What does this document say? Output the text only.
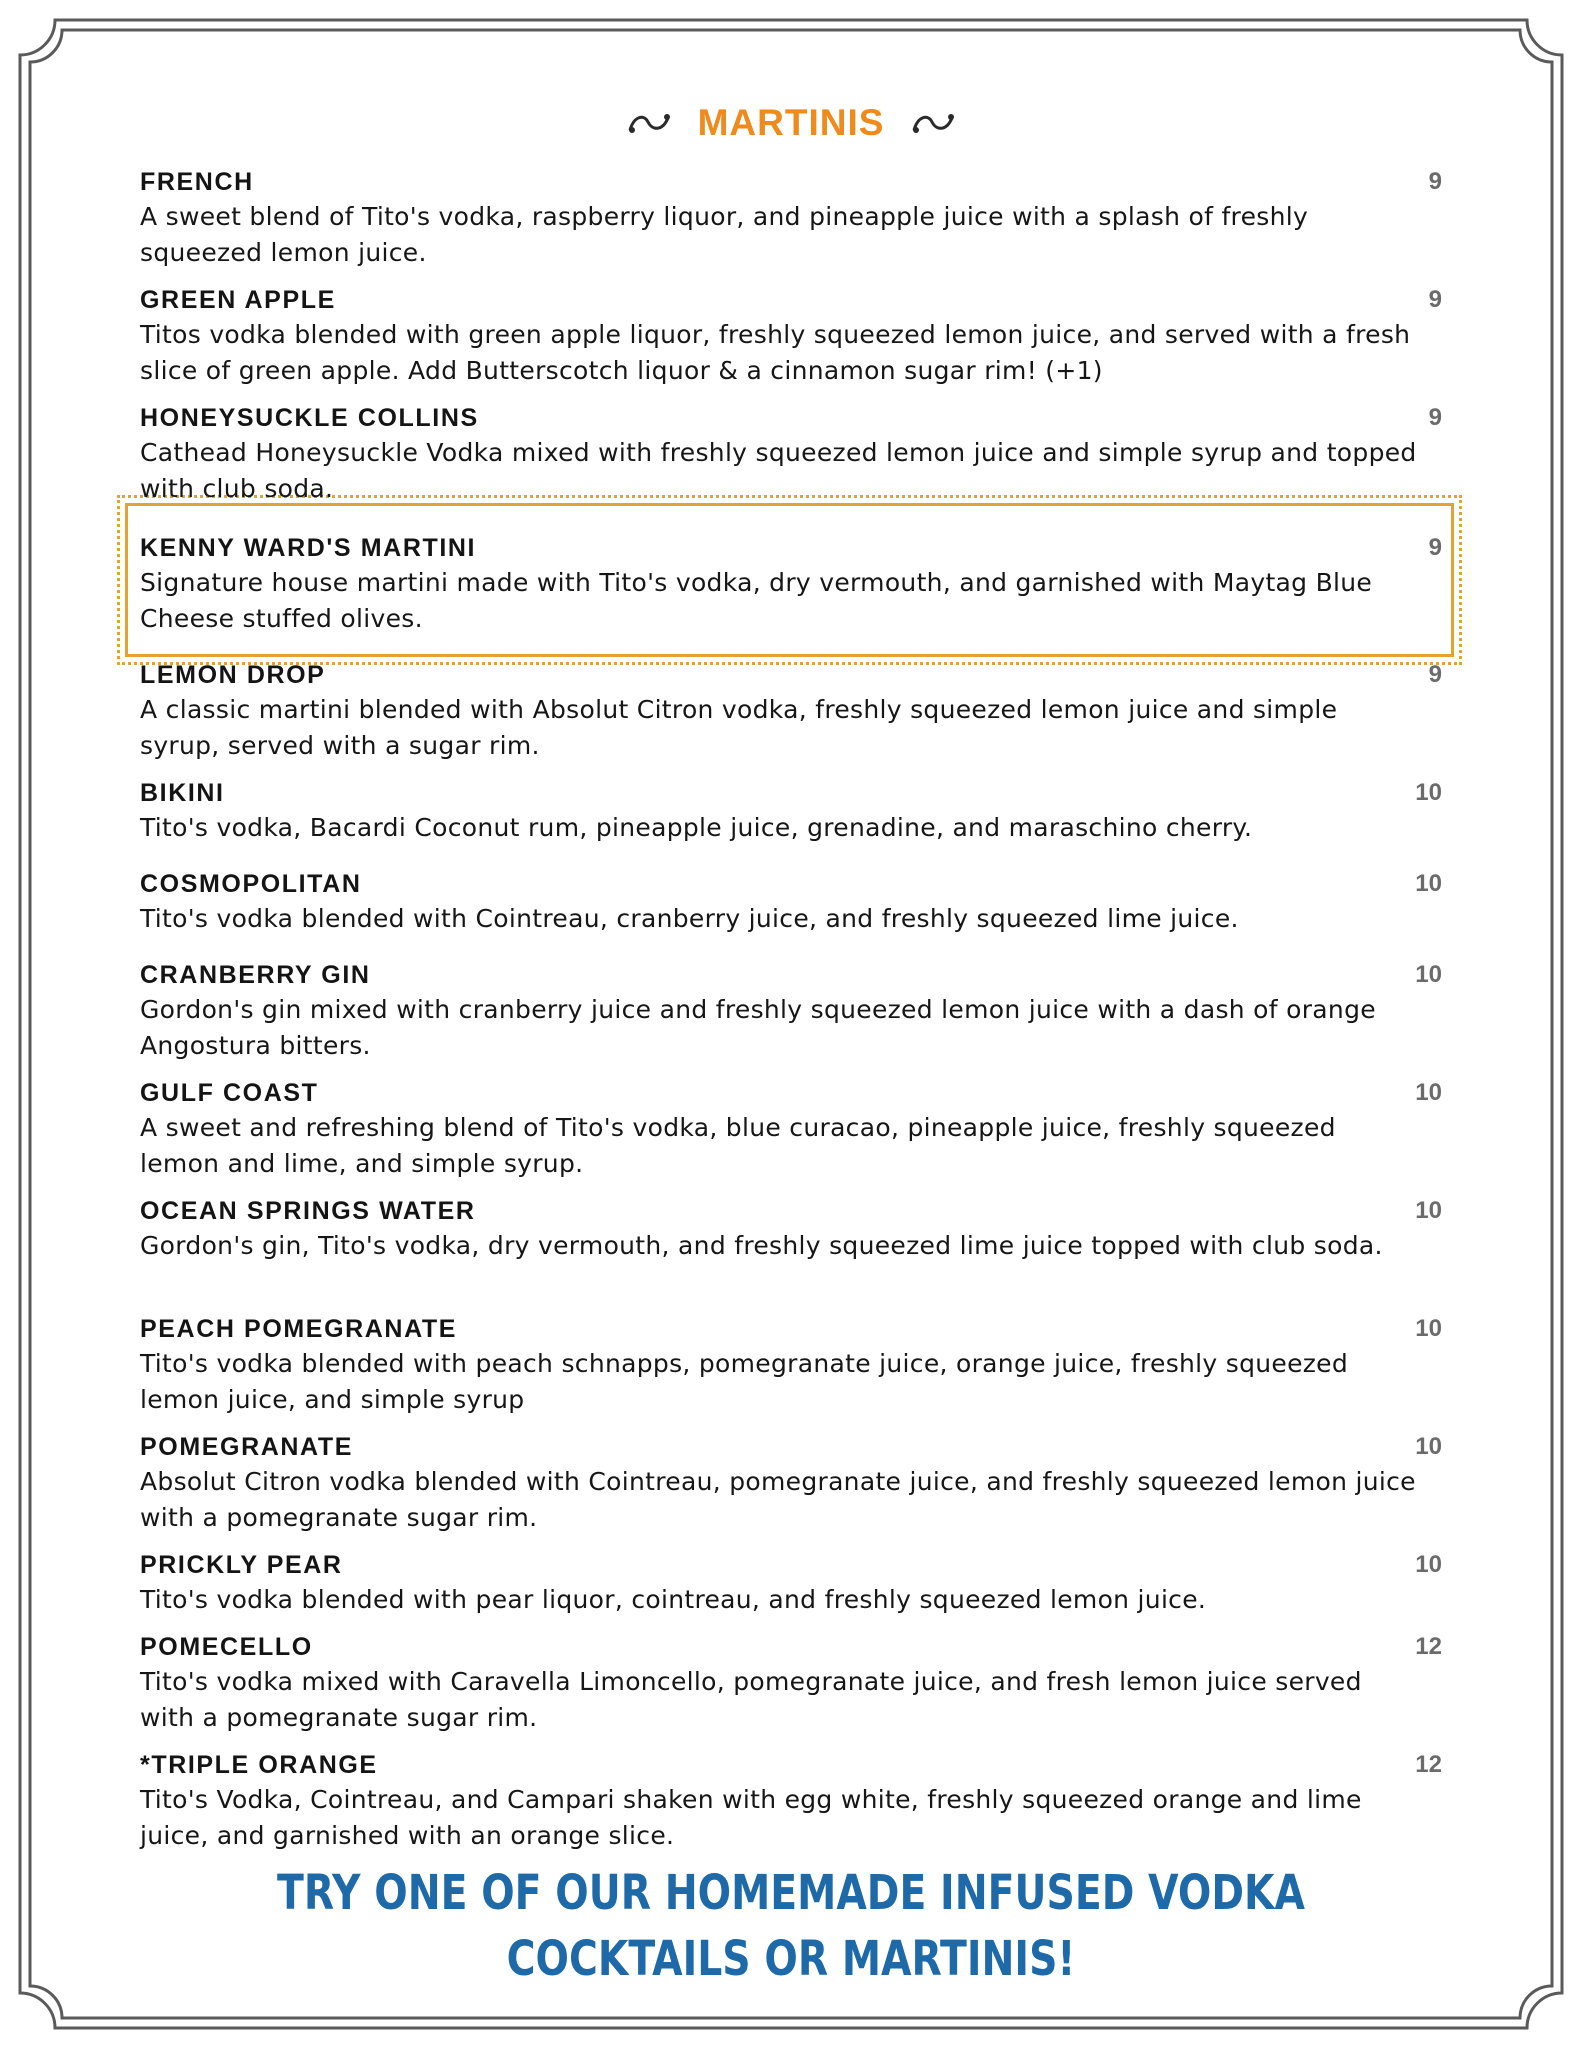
MARTINIS
FRENCH	9
A sweet blend of Tito's vodka, raspberry liquor, and pineapple juice with a splash of freshly squeezed lemon juice.
GREEN APPLE	9
Titos vodka blended with green apple liquor, freshly squeezed lemon juice, and served with a fresh slice of green apple. Add Butterscotch liquor & a cinnamon sugar rim! (+1)
HONEYSUCKLE COLLINS	9
Cathead Honeysuckle Vodka mixed with freshly squeezed lemon juice and simple syrup and topped with club soda.
KENNY WARD'S MARTINI	9
Signature house martini made with Tito's vodka, dry vermouth, and garnished with Maytag Blue Cheese stuffed olives.
LEMON DROP	9
A classic martini blended with Absolut Citron vodka, freshly squeezed lemon juice and simple syrup, served with a sugar rim.
BIKINI	10
Tito's vodka, Bacardi Coconut rum, pineapple juice, grenadine, and maraschino cherry.
COSMOPOLITAN	10
Tito's vodka blended with Cointreau, cranberry juice, and freshly squeezed lime juice.
CRANBERRY GIN	10
Gordon's gin mixed with cranberry juice and freshly squeezed lemon juice with a dash of orange Angostura bitters.
GULF COAST	10
A sweet and refreshing blend of Tito's vodka, blue curacao, pineapple juice, freshly squeezed lemon and lime, and simple syrup.
OCEAN SPRINGS WATER	10
Gordon's gin, Tito's vodka, dry vermouth, and freshly squeezed lime juice topped with club soda.
PEACH POMEGRANATE	10
Tito's vodka blended with peach schnapps, pomegranate juice, orange juice, freshly squeezed lemon juice, and simple syrup
POMEGRANATE	10
Absolut Citron vodka blended with Cointreau, pomegranate juice, and freshly squeezed lemon juice with a pomegranate sugar rim.
PRICKLY PEAR	10
Tito's vodka blended with pear liquor, cointreau, and freshly squeezed lemon juice.
POMECELLO	12
Tito's vodka mixed with Caravella Limoncello, pomegranate juice, and fresh lemon juice served with a pomegranate sugar rim.
*TRIPLE ORANGE	12
Tito's Vodka, Cointreau, and Campari shaken with egg white, freshly squeezed orange and lime juice, and garnished with an orange slice.
TRY ONE OF OUR HOMEMADE INFUSED VODKA
COCKTAILS OR MARTINIS!
